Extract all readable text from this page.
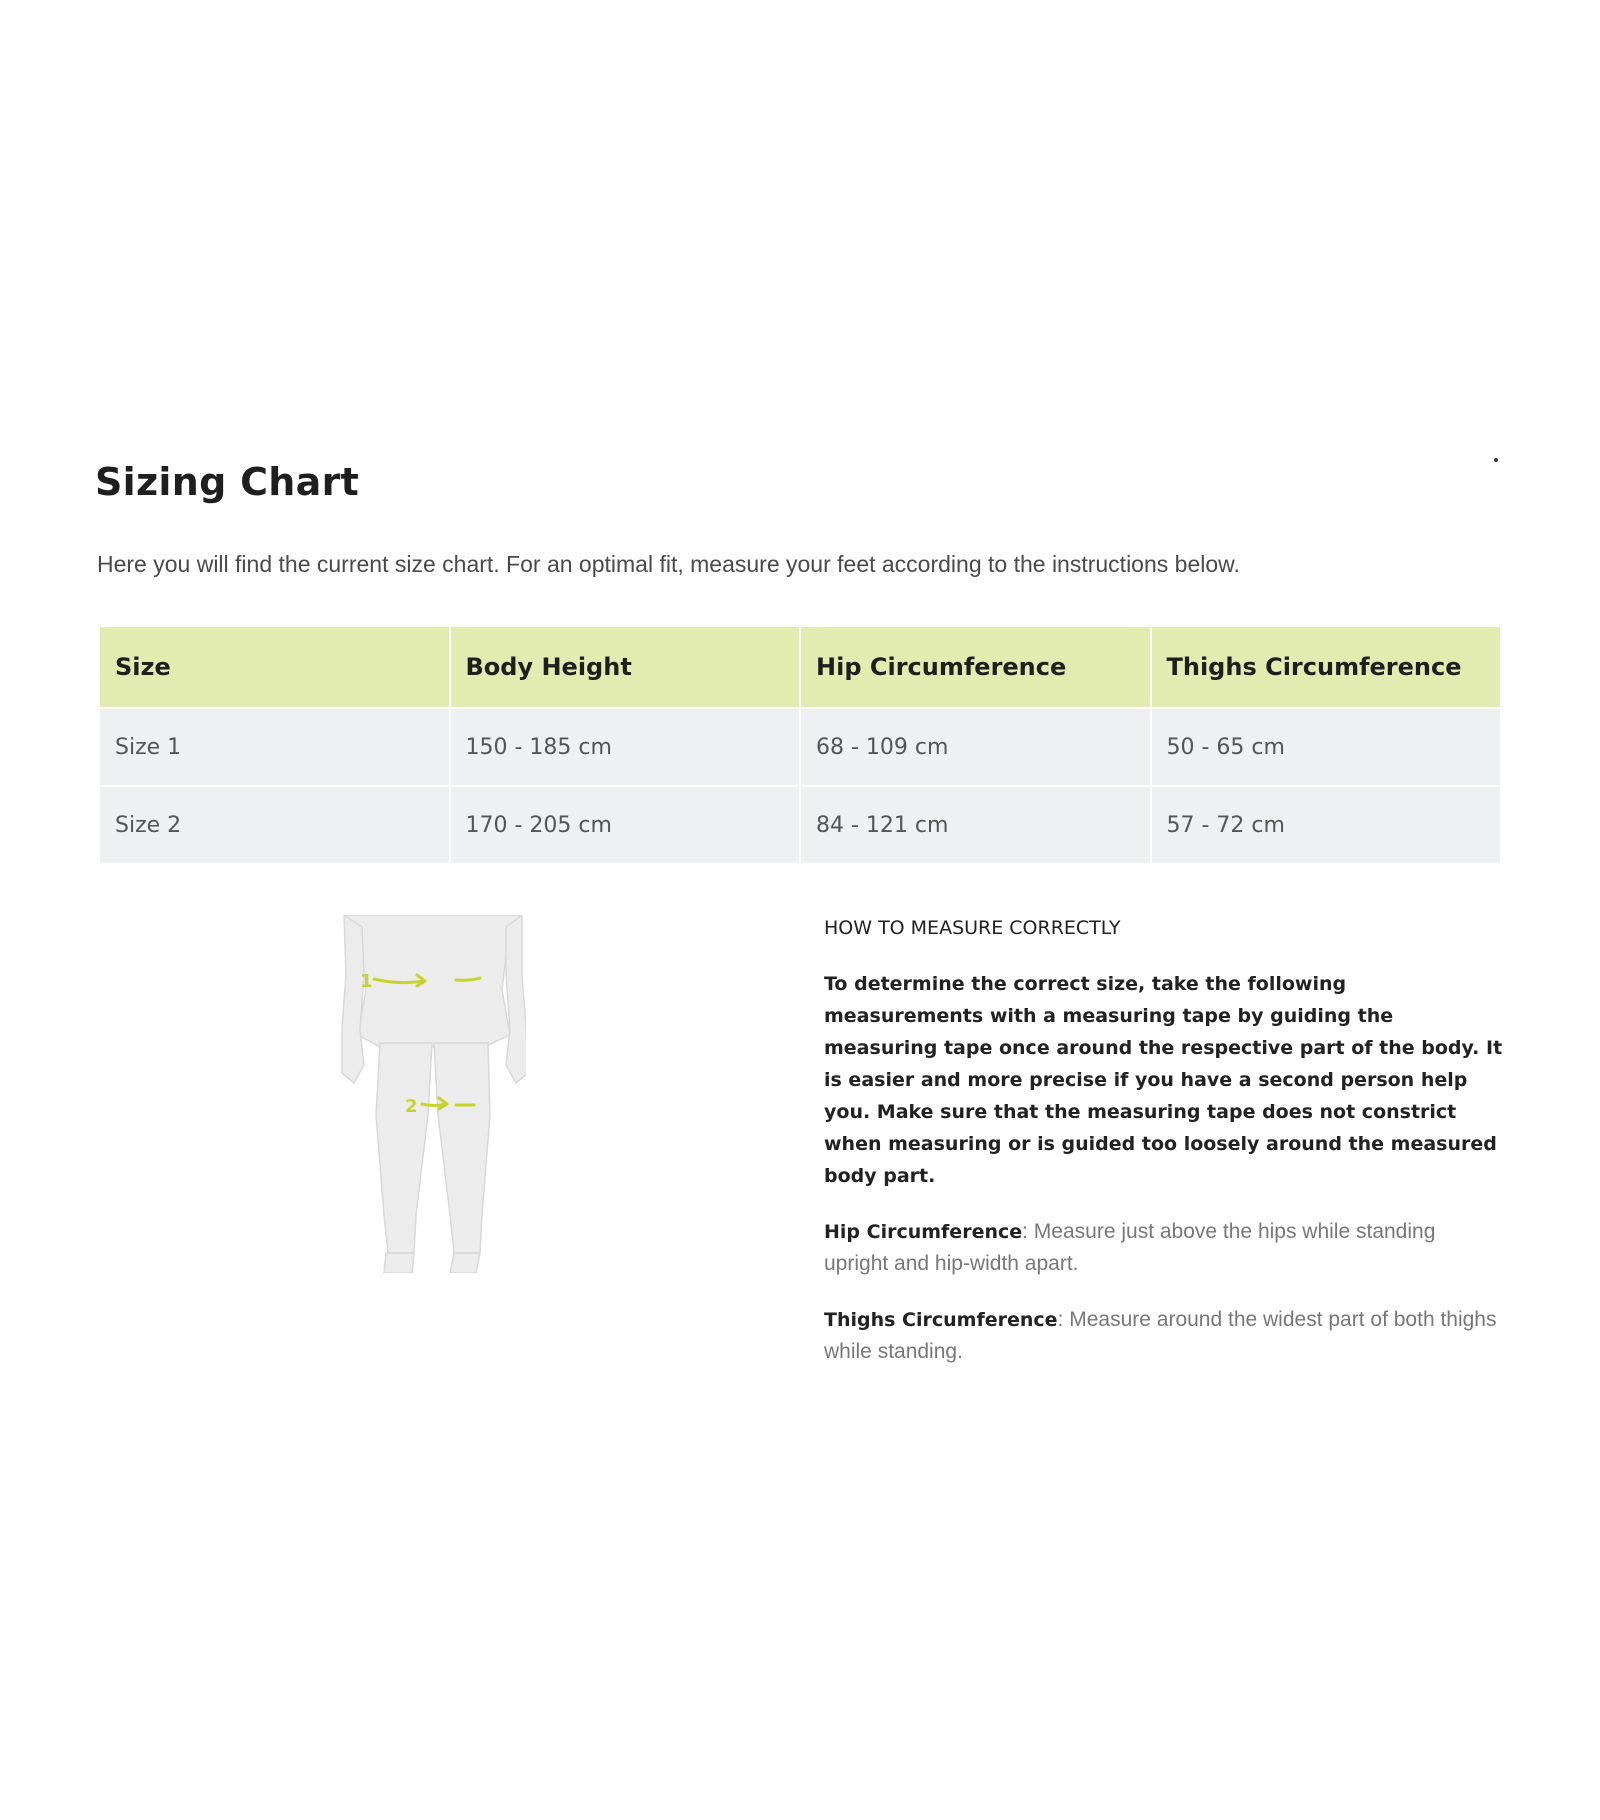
Sizing Chart

Here you will find the current size chart. For an optimal fit, measure your feet according to the instructions below.

Size	Body Height	Hip Circumference	Thighs Circumference
Size 1	150 - 185 cm	68 - 109 cm	50 - 65 cm
Size 2	170 - 205 cm	84 - 121 cm	57 - 72 cm
1
2
HOW TO MEASURE CORRECTLY

To determine the correct size, take the following measurements with a measuring tape by guiding the measuring tape once around the respective part of the body. It is easier and more precise if you have a second person help you. Make sure that the measuring tape does not constrict when measuring or is guided too loosely around the measured body part.

Hip Circumference: Measure just above the hips while standing upright and hip-width apart.

Thighs Circumference: Measure around the widest part of both thighs while standing.
